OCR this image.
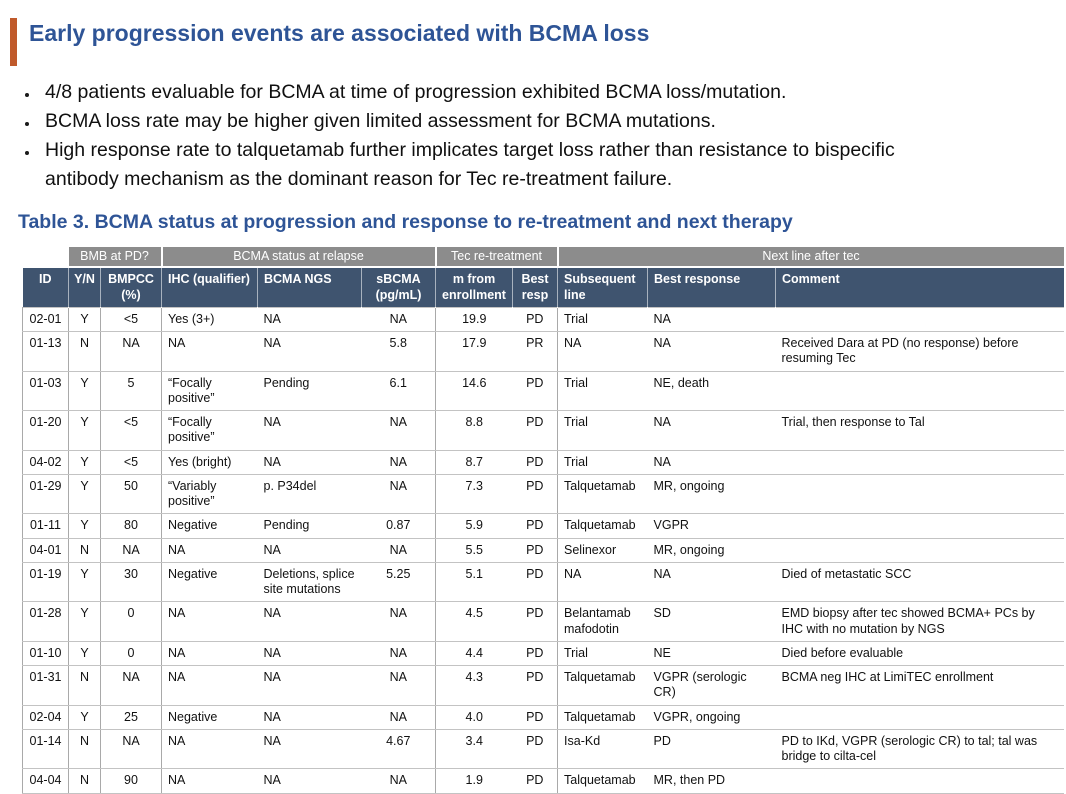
Early progression events are associated with BCMA loss
4/8 patients evaluable for BCMA at time of progression exhibited BCMA loss/mutation.
BCMA loss rate may be higher given limited assessment for BCMA mutations.
High response rate to talquetamab further implicates target loss rather than resistance to bispecific antibody mechanism as the dominant reason for Tec re-treatment failure.
Table 3. BCMA status at progression and response to re-treatment and next therapy
	BMB at PD?		BCMA status at relapse			Tec re-treatment		Next line after tec		
ID	Y/N	BMPCC (%)	IHC (qualifier)	BCMA NGS	sBCMA (pg/mL)	m from enrollment	Best resp	Subsequent line	Best response	Comment
02-01	Y	<5	Yes (3+)	NA	NA	19.9	PD	Trial	NA	
01-13	N	NA	NA	NA	5.8	17.9	PR	NA	NA	Received Dara at PD (no response) before resuming Tec
01-03	Y	5	“Focally positive”	Pending	6.1	14.6	PD	Trial	NE, death	
01-20	Y	<5	“Focally positive”	NA	NA	8.8	PD	Trial	NA	Trial, then response to Tal
04-02	Y	<5	Yes (bright)	NA	NA	8.7	PD	Trial	NA	
01-29	Y	50	“Variably positive”	p. P34del	NA	7.3	PD	Talquetamab	MR, ongoing	
01-11	Y	80	Negative	Pending	0.87	5.9	PD	Talquetamab	VGPR	
04-01	N	NA	NA	NA	NA	5.5	PD	Selinexor	MR, ongoing	
01-19	Y	30	Negative	Deletions, splice site mutations	5.25	5.1	PD	NA	NA	Died of metastatic SCC
01-28	Y	0	NA	NA	NA	4.5	PD	Belantamab mafodotin	SD	EMD biopsy after tec showed BCMA+ PCs by IHC with no mutation by NGS
01-10	Y	0	NA	NA	NA	4.4	PD	Trial	NE	Died before evaluable
01-31	N	NA	NA	NA	NA	4.3	PD	Talquetamab	VGPR (serologic CR)	BCMA neg IHC at LimiTEC enrollment
02-04	Y	25	Negative	NA	NA	4.0	PD	Talquetamab	VGPR, ongoing	
01-14	N	NA	NA	NA	4.67	3.4	PD	Isa-Kd	PD	PD to IKd, VGPR (serologic CR) to tal; tal was bridge to cilta-cel
04-04	N	90	NA	NA	NA	1.9	PD	Talquetamab	MR, then PD	
